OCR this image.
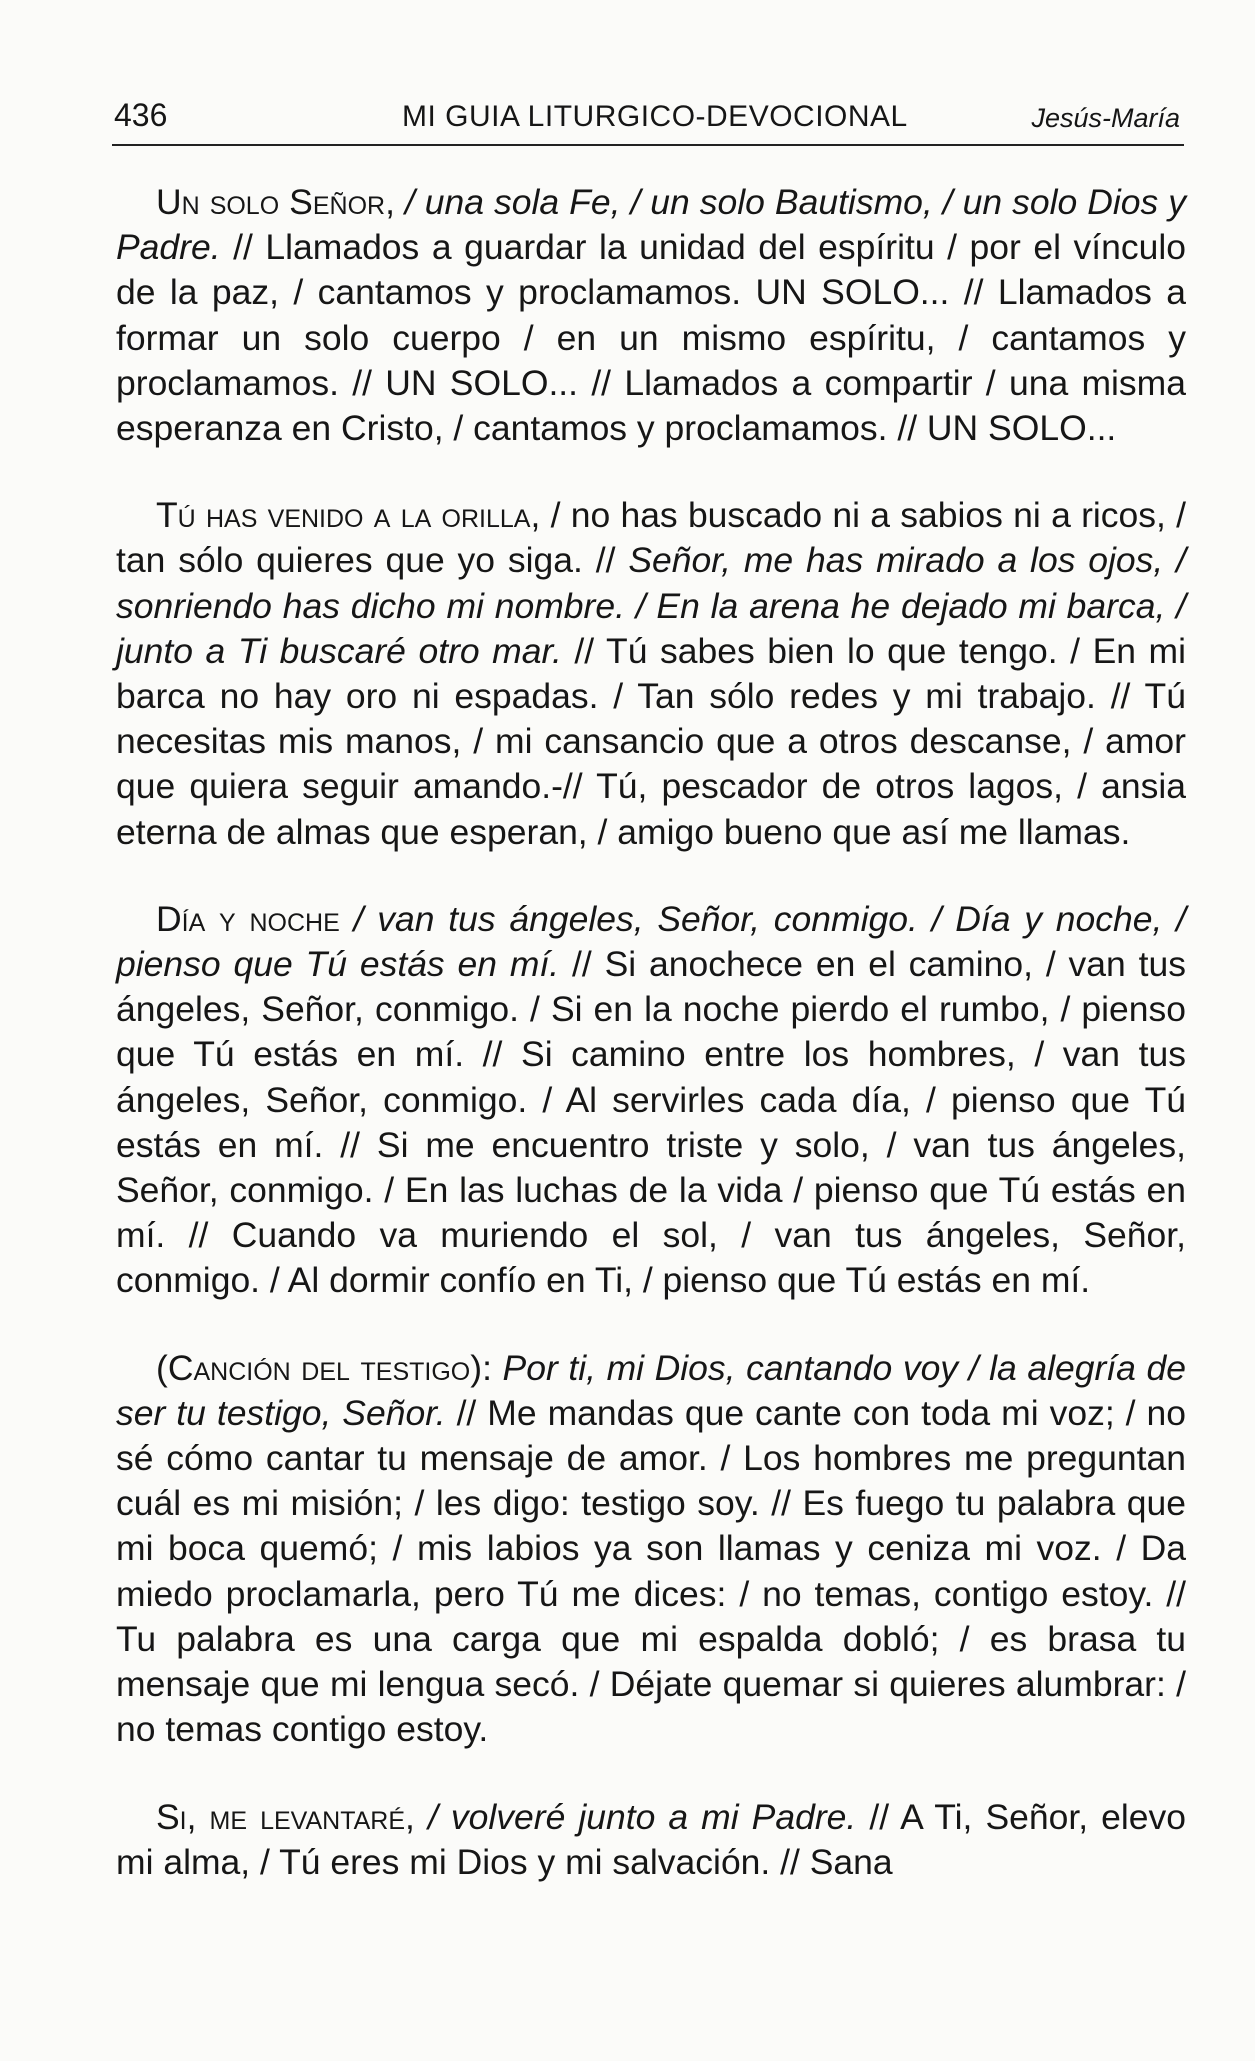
436	MI GUIA LITURGICO-DEVOCIONAL	Jesús-María

Un solo Señor, / una sola Fe, / un solo Bautismo, / un solo Dios y Padre. // Llamados a guardar la unidad del espíritu / por el vínculo de la paz, / cantamos y proclamamos. UN SOLO... // Llamados a formar un solo cuerpo / en un mismo espíritu, / cantamos y proclamamos. // UN SOLO... // Llamados a compartir / una misma esperanza en Cristo, / cantamos y proclamamos. // UN SOLO...

Tú has venido a la orilla, / no has buscado ni a sabios ni a ricos, / tan sólo quieres que yo siga. // Señor, me has mirado a los ojos, / sonriendo has dicho mi nombre. / En la arena he dejado mi barca, / junto a Ti buscaré otro mar. // Tú sabes bien lo que tengo. / En mi barca no hay oro ni espadas. / Tan sólo redes y mi trabajo. // Tú necesitas mis manos, / mi cansancio que a otros descanse, / amor que quiera seguir amando.-// Tú, pescador de otros lagos, / ansia eterna de almas que esperan, / amigo bueno que así me llamas.

Día y noche / van tus ángeles, Señor, conmigo. / Día y noche, / pienso que Tú estás en mí. // Si anochece en el camino, / van tus ángeles, Señor, conmigo. / Si en la noche pierdo el rumbo, / pienso que Tú estás en mí. // Si camino entre los hombres, / van tus ángeles, Señor, conmigo. / Al servirles cada día, / pienso que Tú estás en mí. // Si me encuentro triste y solo, / van tus ángeles, Señor, conmigo. / En las luchas de la vida / pienso que Tú estás en mí. // Cuando va muriendo el sol, / van tus ángeles, Señor, conmigo. / Al dormir confío en Ti, / pienso que Tú estás en mí.

(Canción del testigo): Por ti, mi Dios, cantando voy / la alegría de ser tu testigo, Señor. // Me mandas que cante con toda mi voz; / no sé cómo cantar tu mensaje de amor. / Los hombres me preguntan cuál es mi misión; / les digo: testigo soy. // Es fuego tu palabra que mi boca quemó; / mis labios ya son llamas y ceniza mi voz. / Da miedo proclamarla, pero Tú me dices: / no temas, contigo estoy. // Tu palabra es una carga que mi espalda dobló; / es brasa tu mensaje que mi lengua secó. / Déjate quemar si quieres alumbrar: / no temas contigo estoy.

Si, me levantaré, / volveré junto a mi Padre. // A Ti, Señor, elevo mi alma, / Tú eres mi Dios y mi salvación. // Sana
